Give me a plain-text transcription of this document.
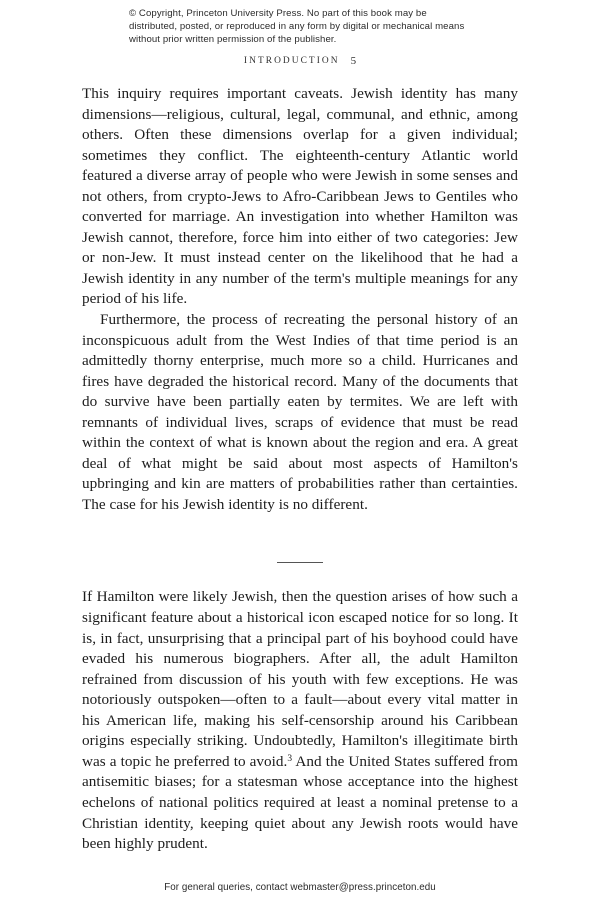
© Copyright, Princeton University Press. No part of this book may be distributed, posted, or reproduced in any form by digital or mechanical means without prior written permission of the publisher.
INTRODUCTION 5

This inquiry requires important caveats. Jewish identity has many dimensions—religious, cultural, legal, communal, and ethnic, among others. Often these dimensions overlap for a given individual; sometimes they conflict. The eighteenth-century Atlantic world featured a diverse array of people who were Jewish in some senses and not others, from crypto-Jews to Afro-Caribbean Jews to Gentiles who converted for marriage. An investigation into whether Hamilton was Jewish cannot, therefore, force him into either of two categories: Jew or non-Jew. It must instead center on the likelihood that he had a Jewish identity in any number of the term's multiple meanings for any period of his life.

Furthermore, the process of recreating the personal history of an inconspicuous adult from the West Indies of that time period is an admittedly thorny enterprise, much more so a child. Hurricanes and fires have degraded the historical record. Many of the documents that do survive have been partially eaten by termites. We are left with remnants of individual lives, scraps of evidence that must be read within the context of what is known about the region and era. A great deal of what might be said about most aspects of Hamilton's upbringing and kin are matters of probabilities rather than certainties. The case for his Jewish identity is no different.

If Hamilton were likely Jewish, then the question arises of how such a significant feature about a historical icon escaped notice for so long. It is, in fact, unsurprising that a principal part of his boyhood could have evaded his numerous biographers. After all, the adult Hamilton refrained from discussion of his youth with few exceptions. He was notoriously outspoken—often to a fault—about every vital matter in his American life, making his self-censorship around his Caribbean origins especially striking. Undoubtedly, Hamilton's illegitimate birth was a topic he preferred to avoid.$^3$ And the United States suffered from antisemitic biases; for a statesman whose acceptance into the highest echelons of national politics required at least a nominal pretense to a Christian identity, keeping quiet about any Jewish roots would have been highly prudent.

For general queries, contact webmaster@press.princeton.edu
